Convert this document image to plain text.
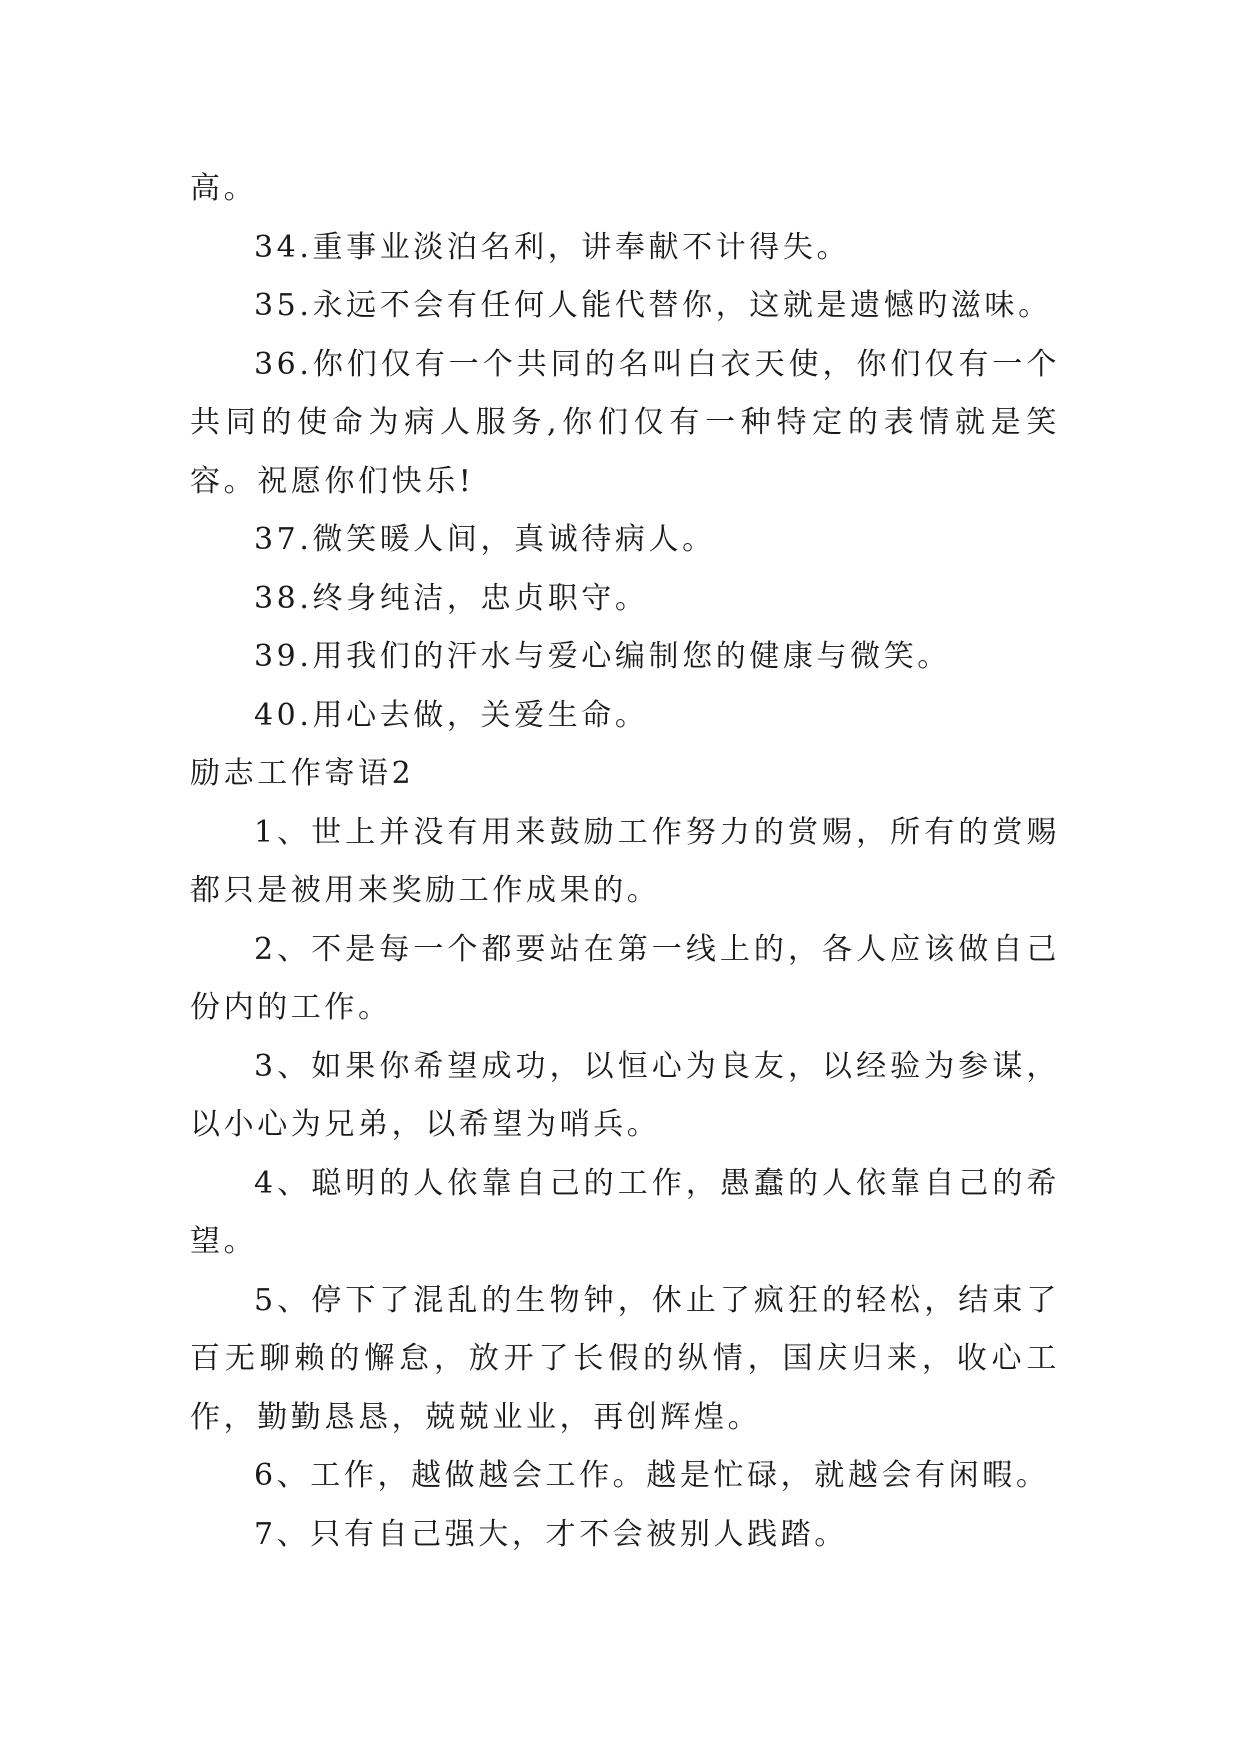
高。

34.重事业淡泊名利，讲奉献不计得失。

35.永远不会有任何人能代替你，这就是遗憾旳滋味。

36.你们仅有一个共同的名叫白衣天使，你们仅有一个共同的使命为病人服务,你们仅有一种特定的表情就是笑容。祝愿你们快乐!

37.微笑暖人间，真诚待病人。

38.终身纯洁，忠贞职守。

39.用我们的汗水与爱心编制您的健康与微笑。

40.用心去做，关爱生命。

励志工作寄语2

1、世上并没有用来鼓励工作努力的赏赐，所有的赏赐都只是被用来奖励工作成果的。

2、不是每一个都要站在第一线上的，各人应该做自己份内的工作。

3、如果你希望成功，以恒心为良友，以经验为参谋，以小心为兄弟，以希望为哨兵。

4、聪明的人依靠自己的工作，愚蠢的人依靠自己的希望。

5、停下了混乱的生物钟，休止了疯狂的轻松，结束了百无聊赖的懈怠，放开了长假的纵情，国庆归来，收心工作，勤勤恳恳，兢兢业业，再创辉煌。

6、工作，越做越会工作。越是忙碌，就越会有闲暇。

7、只有自己强大，才不会被别人践踏。
